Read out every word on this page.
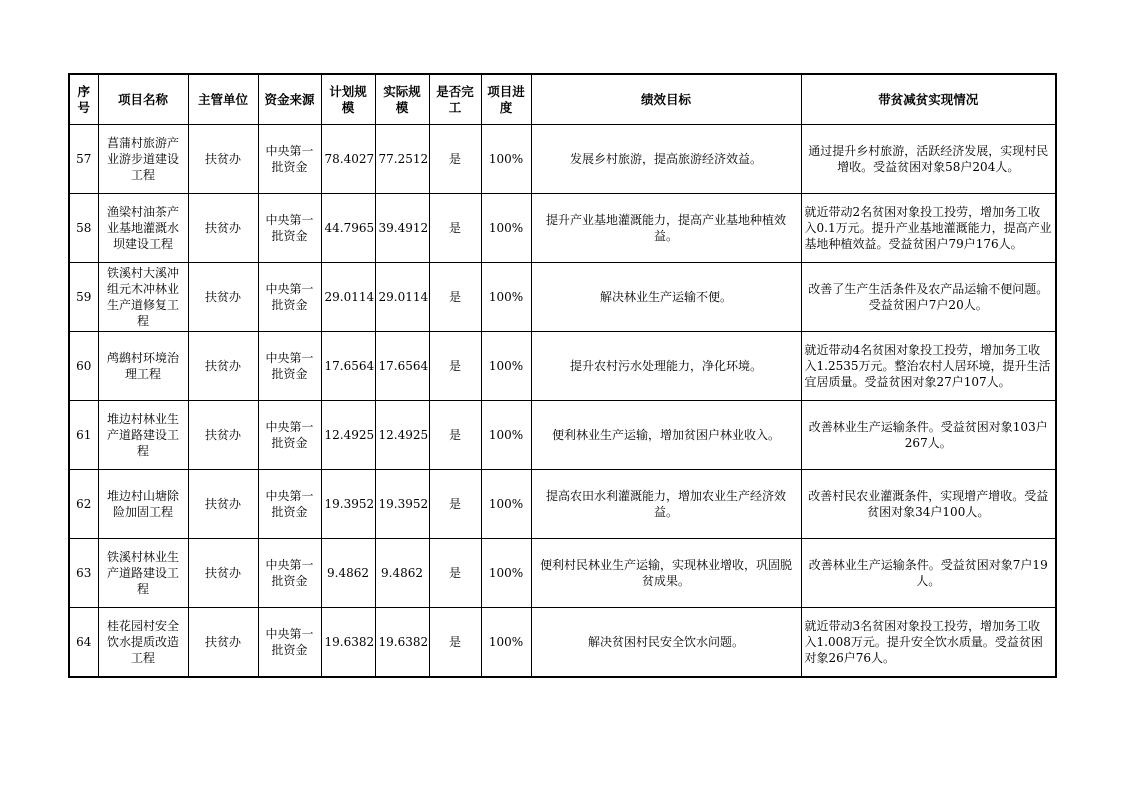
序号	项目名称	主管单位	资金来源	计划规模	实际规模	是否完工	项目进度	绩效目标	带贫减贫实现情况
57	菖蒲村旅游产业游步道建设工程	扶贫办	中央第一批资金	78.4027	77.2512	是	100%	发展乡村旅游，提高旅游经济效益。	通过提升乡村旅游，活跃经济发展，实现村民增收。受益贫困对象58户204人。
58	渔梁村油茶产业基地灌溉水坝建设工程	扶贫办	中央第一批资金	44.7965	39.4912	是	100%	提升产业基地灌溉能力，提高产业基地种植效益。	就近带动2名贫困对象投工投劳，增加务工收入0.1万元。提升产业基地灌溉能力，提高产业基地种植效益。受益贫困户79户176人。
59	铁溪村大溪冲组元木冲林业生产道修复工程	扶贫办	中央第一批资金	29.0114	29.0114	是	100%	解决林业生产运输不便。	改善了生产生活条件及农产品运输不便问题。受益贫困户7户20人。
60	鸬鹚村环境治理工程	扶贫办	中央第一批资金	17.6564	17.6564	是	100%	提升农村污水处理能力，净化环境。	就近带动4名贫困对象投工投劳，增加务工收入1.2535万元。整治农村人居环境，提升生活宜居质量。受益贫困对象27户107人。
61	堆边村林业生产道路建设工程	扶贫办	中央第一批资金	12.4925	12.4925	是	100%	便利林业生产运输，增加贫困户林业收入。	改善林业生产运输条件。受益贫困对象103户267人。
62	堆边村山塘除险加固工程	扶贫办	中央第一批资金	19.3952	19.3952	是	100%	提高农田水利灌溉能力，增加农业生产经济效益。	改善村民农业灌溉条件，实现增产增收。受益贫困对象34户100人。
63	铁溪村林业生产道路建设工程	扶贫办	中央第一批资金	9.4862	9.4862	是	100%	便利村民林业生产运输，实现林业增收，巩固脱贫成果。	改善林业生产运输条件。受益贫困对象7户19人。
64	桂花园村安全饮水提质改造工程	扶贫办	中央第一批资金	19.6382	19.6382	是	100%	解决贫困村民安全饮水问题。	就近带动3名贫困对象投工投劳，增加务工收入1.008万元。提升安全饮水质量。受益贫困对象26户76人。
